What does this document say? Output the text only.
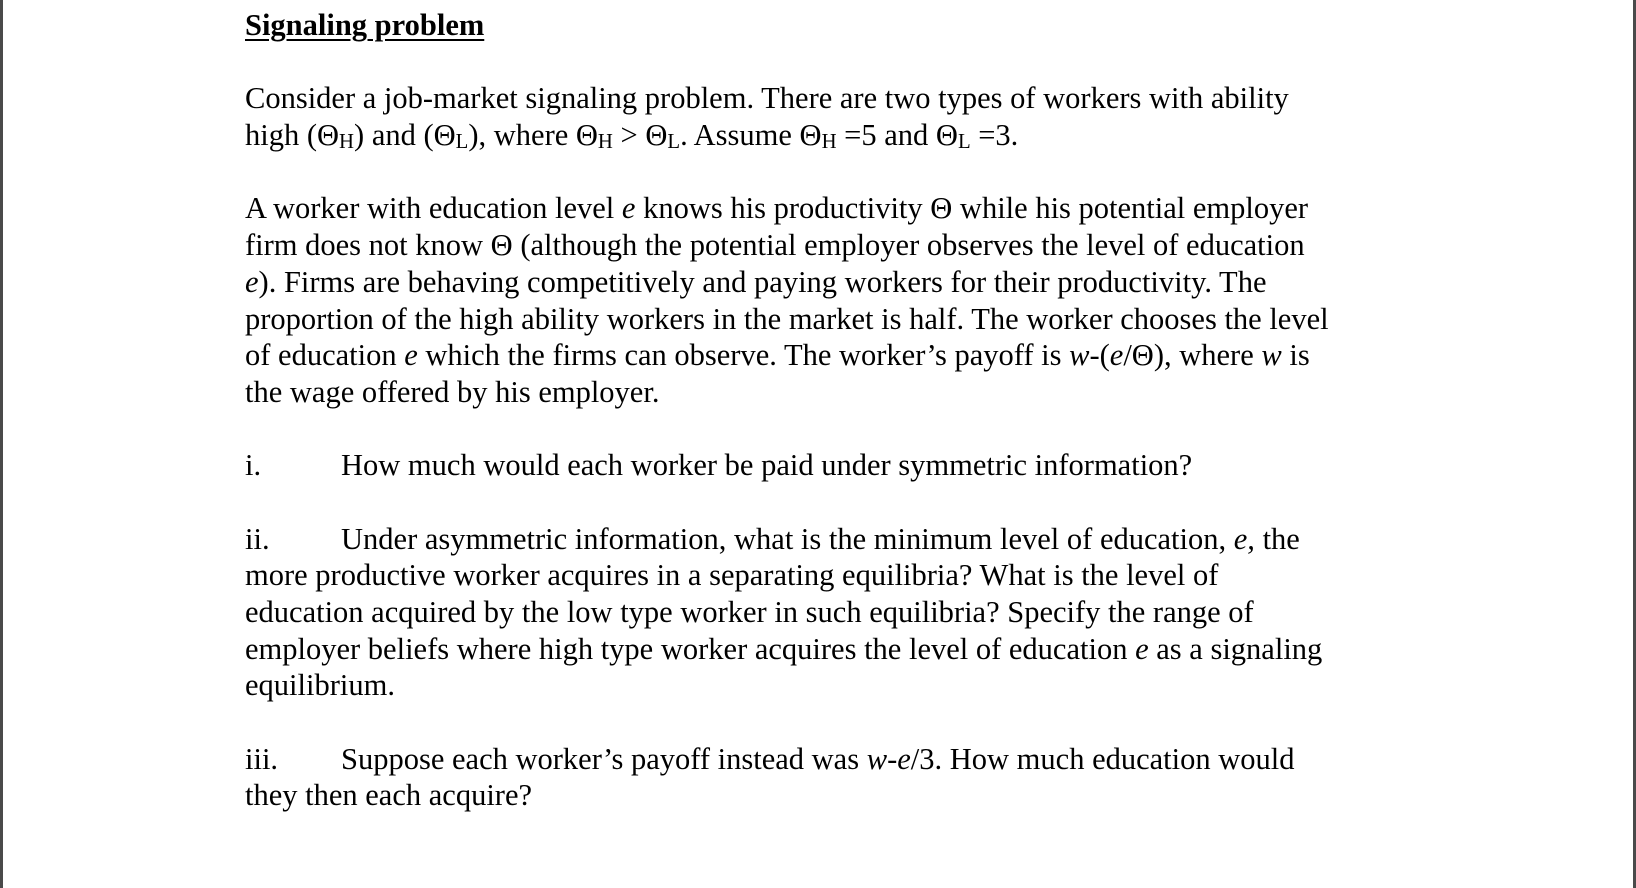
Signaling problem
Consider a job-market signaling problem. There are two types of workers with ability
high $(\Theta_H)$ and $(\Theta_L)$, where $\Theta_H > \Theta_L$. Assume $\Theta_H =5$ and $\Theta_L =3$.
A worker with education level e knows his productivity Θ while his potential employer
firm does not know Θ (although the potential employer observes the level of education
e). Firms are behaving competitively and paying workers for their productivity. The
proportion of the high ability workers in the market is half. The worker chooses the level
of education e which the firms can observe. The worker’s payoff is w-(e/Θ), where w is
the wage offered by his employer.
i.	How much would each worker be paid under symmetric information?
ii. Under asymmetric information, what is the minimum level of education, e, the
more productive worker acquires in a separating equilibria? What is the level of
education acquired by the low type worker in such equilibria? Specify the range of
employer beliefs where high type worker acquires the level of education e as a signaling
equilibrium.
iii. Suppose each worker’s payoff instead was w-e/3. How much education would
they then each acquire?
